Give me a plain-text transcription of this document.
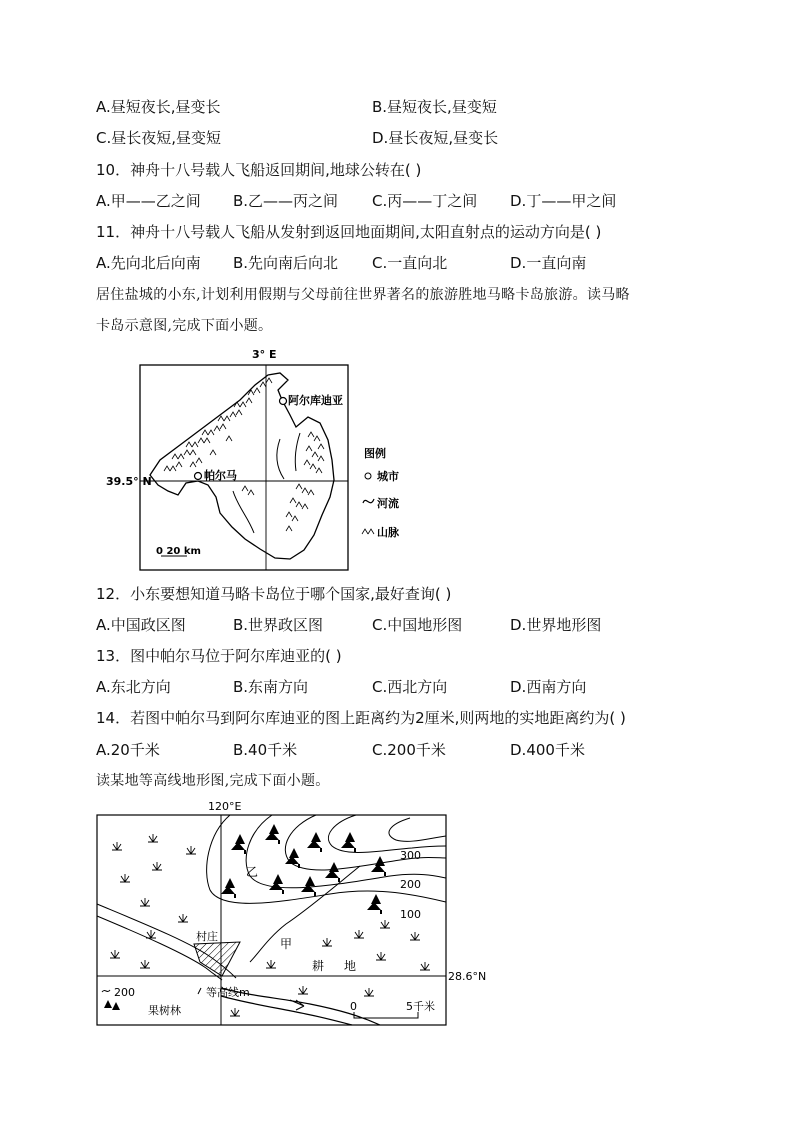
A.昼短夜长,昼变长	B.昼短夜长,昼变短
C.昼长夜短,昼变短	D.昼长夜短,昼变长
10．神舟十八号载人飞船返回期间,地球公转在( )
A.甲——乙之间 B.乙——丙之间 C.丙——丁之间 D.丁——甲之间
11．神舟十八号载人飞船从发射到返回地面期间,太阳直射点的运动方向是( )
A.先向北后向南 B.先向南后向北 C.一直向北	D.一直向南
居住盐城的小东,计划利用假期与父母前往世界著名的旅游胜地马略卡岛旅游。读马略
卡岛示意图,完成下面小题。
3° E
39.5° N
阿尔库迪亚
帕尔马
0 20 km
图例
城市
河流
山脉
12．小东要想知道马略卡岛位于哪个国家,最好查询( )
A.中国政区图	B.世界政区图	C.中国地形图	D.世界地形图
13．图中帕尔马位于阿尔库迪亚的( )
A.东北方向	B.东南方向	C.西北方向	D.西南方向
14．若图中帕尔马到阿尔库迪亚的图上距离约为2厘米,则两地的实地距离约为( )
A.20千米	B.40千米	C.200千米	D.400千米
读某地等高线地形图,完成下面小题。
120°E
28.6°N
300
200
100
村庄
乙
甲
耕 地
200	等高线m
果树林	0	5千米
